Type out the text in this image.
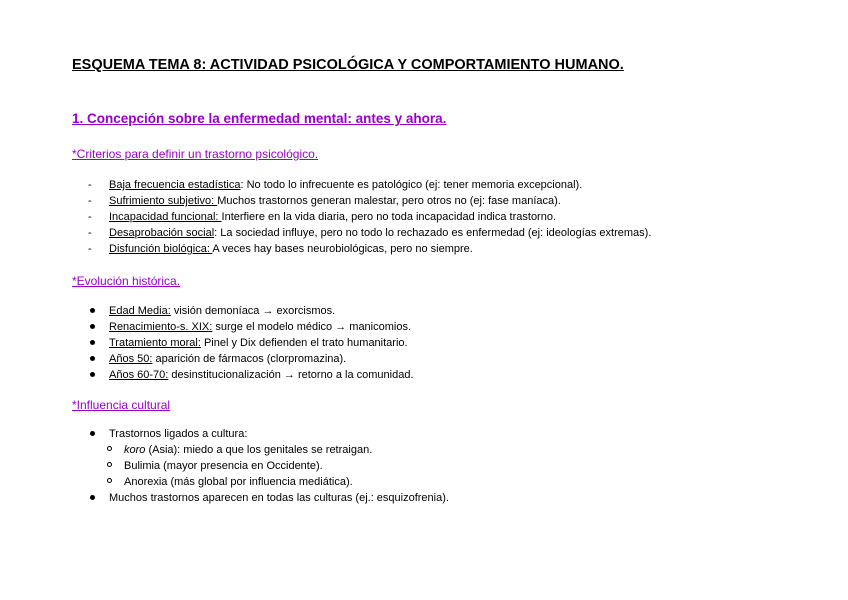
ESQUEMA TEMA 8: ACTIVIDAD PSICOLÓGICA Y COMPORTAMIENTO HUMANO.
1. Concepción sobre la enfermedad mental: antes y ahora.
*Criterios para definir un trastorno psicológico.
-	Baja frecuencia estadística: No todo lo infrecuente es patológico (ej: tener memoria excepcional).
-	Sufrimiento subjetivo: Muchos trastornos generan malestar, pero otros no (ej: fase maníaca).
-	Incapacidad funcional: Interfiere en la vida diaria, pero no toda incapacidad indica trastorno.
-	Desaprobación social: La sociedad influye, pero no todo lo rechazado es enfermedad (ej: ideologías extremas).
-	Disfunción biológica: A veces hay bases neurobiológicas, pero no siempre.
*Evolución histórica.
Edad Media: visión demoníaca → exorcismos.
Renacimiento-s. XIX: surge el modelo médico → manicomios.
Tratamiento moral: Pinel y Dix defienden el trato humanitario.
Años 50: aparición de fármacos (clorpromazina).
Años 60-70: desinstitucionalización → retorno a la comunidad.
*Influencia cultural
Trastornos ligados a cultura:
koro (Asia): miedo a que los genitales se retraigan.
Bulimia (mayor presencia en Occidente).
Anorexia (más global por influencia mediática).
Muchos trastornos aparecen en todas las culturas (ej.: esquizofrenia).
